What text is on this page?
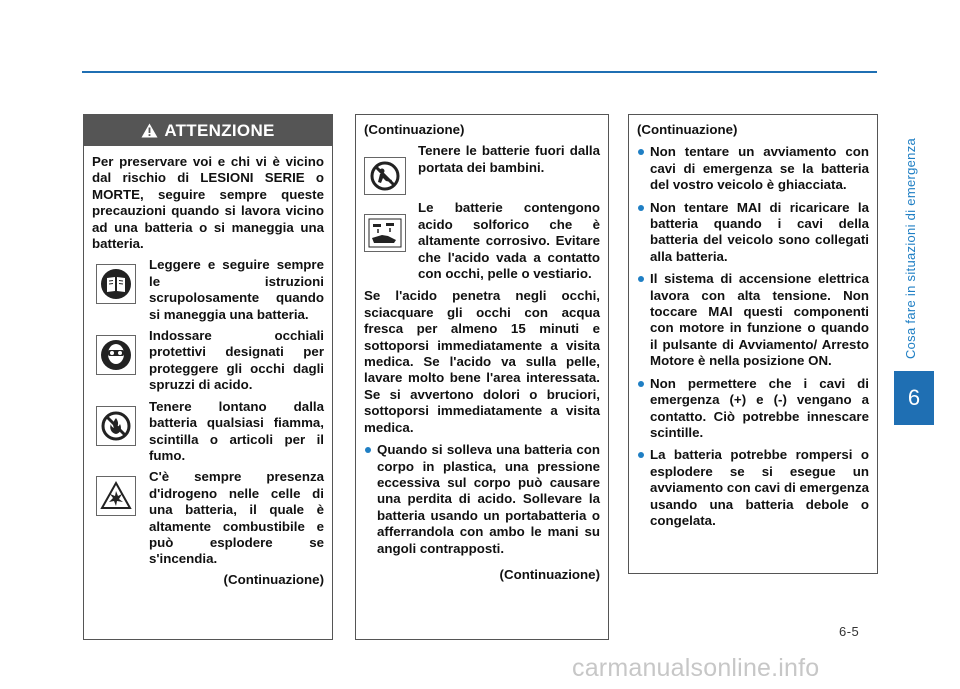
Cosa fare in situazioni di emergenza
6
6-5
carmanualsonline.info
ATTENZIONE
Per preservare voi e chi vi è vicino dal rischio di LESIONI SERIE o MORTE, seguire sempre queste precauzioni quando si lavora vicino ad una batteria o si maneggia una batteria.
Leggere e seguire sempre le istruzioni scrupolosamente quando si maneggia una batteria.
Indossare occhiali protettivi designati per proteggere gli occhi dagli spruzzi di acido.
Tenere lontano dalla batteria qualsiasi fiamma, scintilla o articoli per il fumo.
C'è sempre presenza d'idrogeno nelle celle di una batteria, il quale è altamente combustibile e può esplodere se s'incendia.
(Continuazione)
(Continuazione)
Tenere le batterie fuori dalla portata dei bambini.
Le batterie contengono acido solforico che è altamente corrosivo. Evitare che l'acido vada a contatto con occhi, pelle o vestiario.
Se l'acido penetra negli occhi, sciacquare gli occhi con acqua fresca per almeno 15 minuti e sottoporsi immediatamente a visita medica. Se l'acido va sulla pelle, lavare molto bene l'area interessata. Se si avvertono dolori o bruciori, sottoporsi immediatamente a visita medica.
Quando si solleva una batteria con corpo in plastica, una pressione eccessiva sul corpo può causare una perdita di acido. Sollevare la batteria usando un portabatteria o afferrandola con ambo le mani su angoli contrapposti.
(Continuazione)
(Continuazione)
Non tentare un avviamento con cavi di emergenza se la batteria del vostro veicolo è ghiacciata.
Non tentare MAI di ricaricare la batteria quando i cavi della batteria del veicolo sono collegati alla batteria.
Il sistema di accensione elettrica lavora con alta tensione. Non toccare MAI questi componenti con motore in funzione o quando il pulsante di Avviamento/ Arresto Motore è nella posizione ON.
Non permettere che i cavi di emergenza (+) e (-) vengano a contatto. Ciò potrebbe innescare scintille.
La batteria potrebbe rompersi o esplodere se si esegue un avviamento con cavi di emergenza usando una batteria debole o congelata.
